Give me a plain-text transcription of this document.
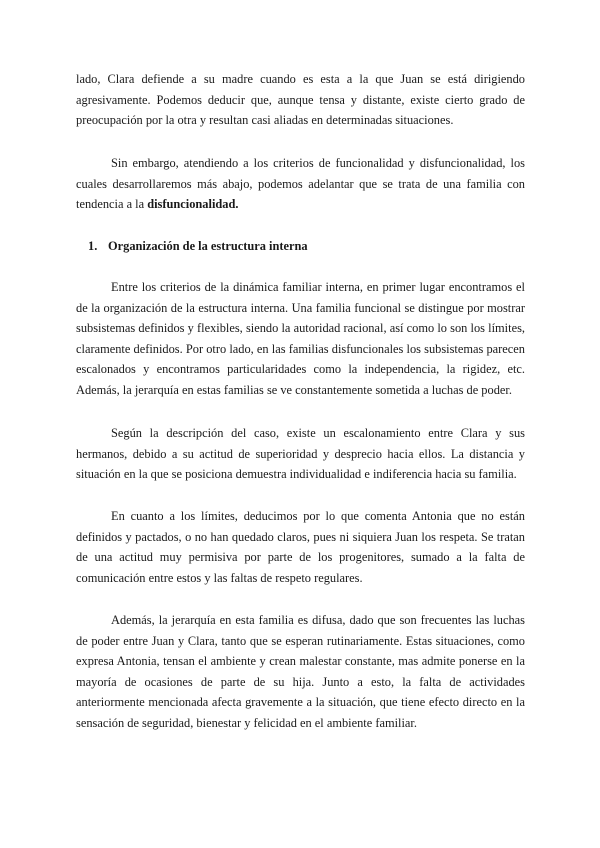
lado, Clara defiende a su madre cuando es esta a la que Juan se está dirigiendo agresivamente. Podemos deducir que, aunque tensa y distante, existe cierto grado de preocupación por la otra y resultan casi aliadas en determinadas situaciones.

Sin embargo, atendiendo a los criterios de funcionalidad y disfuncionalidad, los cuales desarrollaremos más abajo, podemos adelantar que se trata de una familia con tendencia a la disfuncionalidad.

1. Organización de la estructura interna

Entre los criterios de la dinámica familiar interna, en primer lugar encontramos el de la organización de la estructura interna. Una familia funcional se distingue por mostrar subsistemas definidos y flexibles, siendo la autoridad racional, así como lo son los límites, claramente definidos. Por otro lado, en las familias disfuncionales los subsistemas parecen escalonados y encontramos particularidades como la independencia, la rigidez, etc. Además, la jerarquía en estas familias se ve constantemente sometida a luchas de poder.

Según la descripción del caso, existe un escalonamiento entre Clara y sus hermanos, debido a su actitud de superioridad y desprecio hacia ellos. La distancia y situación en la que se posiciona demuestra individualidad e indiferencia hacia su familia.

En cuanto a los límites, deducimos por lo que comenta Antonia que no están definidos y pactados, o no han quedado claros, pues ni siquiera Juan los respeta. Se tratan de una actitud muy permisiva por parte de los progenitores, sumado a la falta de comunicación entre estos y las faltas de respeto regulares.

Además, la jerarquía en esta familia es difusa, dado que son frecuentes las luchas de poder entre Juan y Clara, tanto que se esperan rutinariamente. Estas situaciones, como expresa Antonia, tensan el ambiente y crean malestar constante, mas admite ponerse en la mayoría de ocasiones de parte de su hija. Junto a esto, la falta de actividades anteriormente mencionada afecta gravemente a la situación, que tiene efecto directo en la sensación de seguridad, bienestar y felicidad en el ambiente familiar.
